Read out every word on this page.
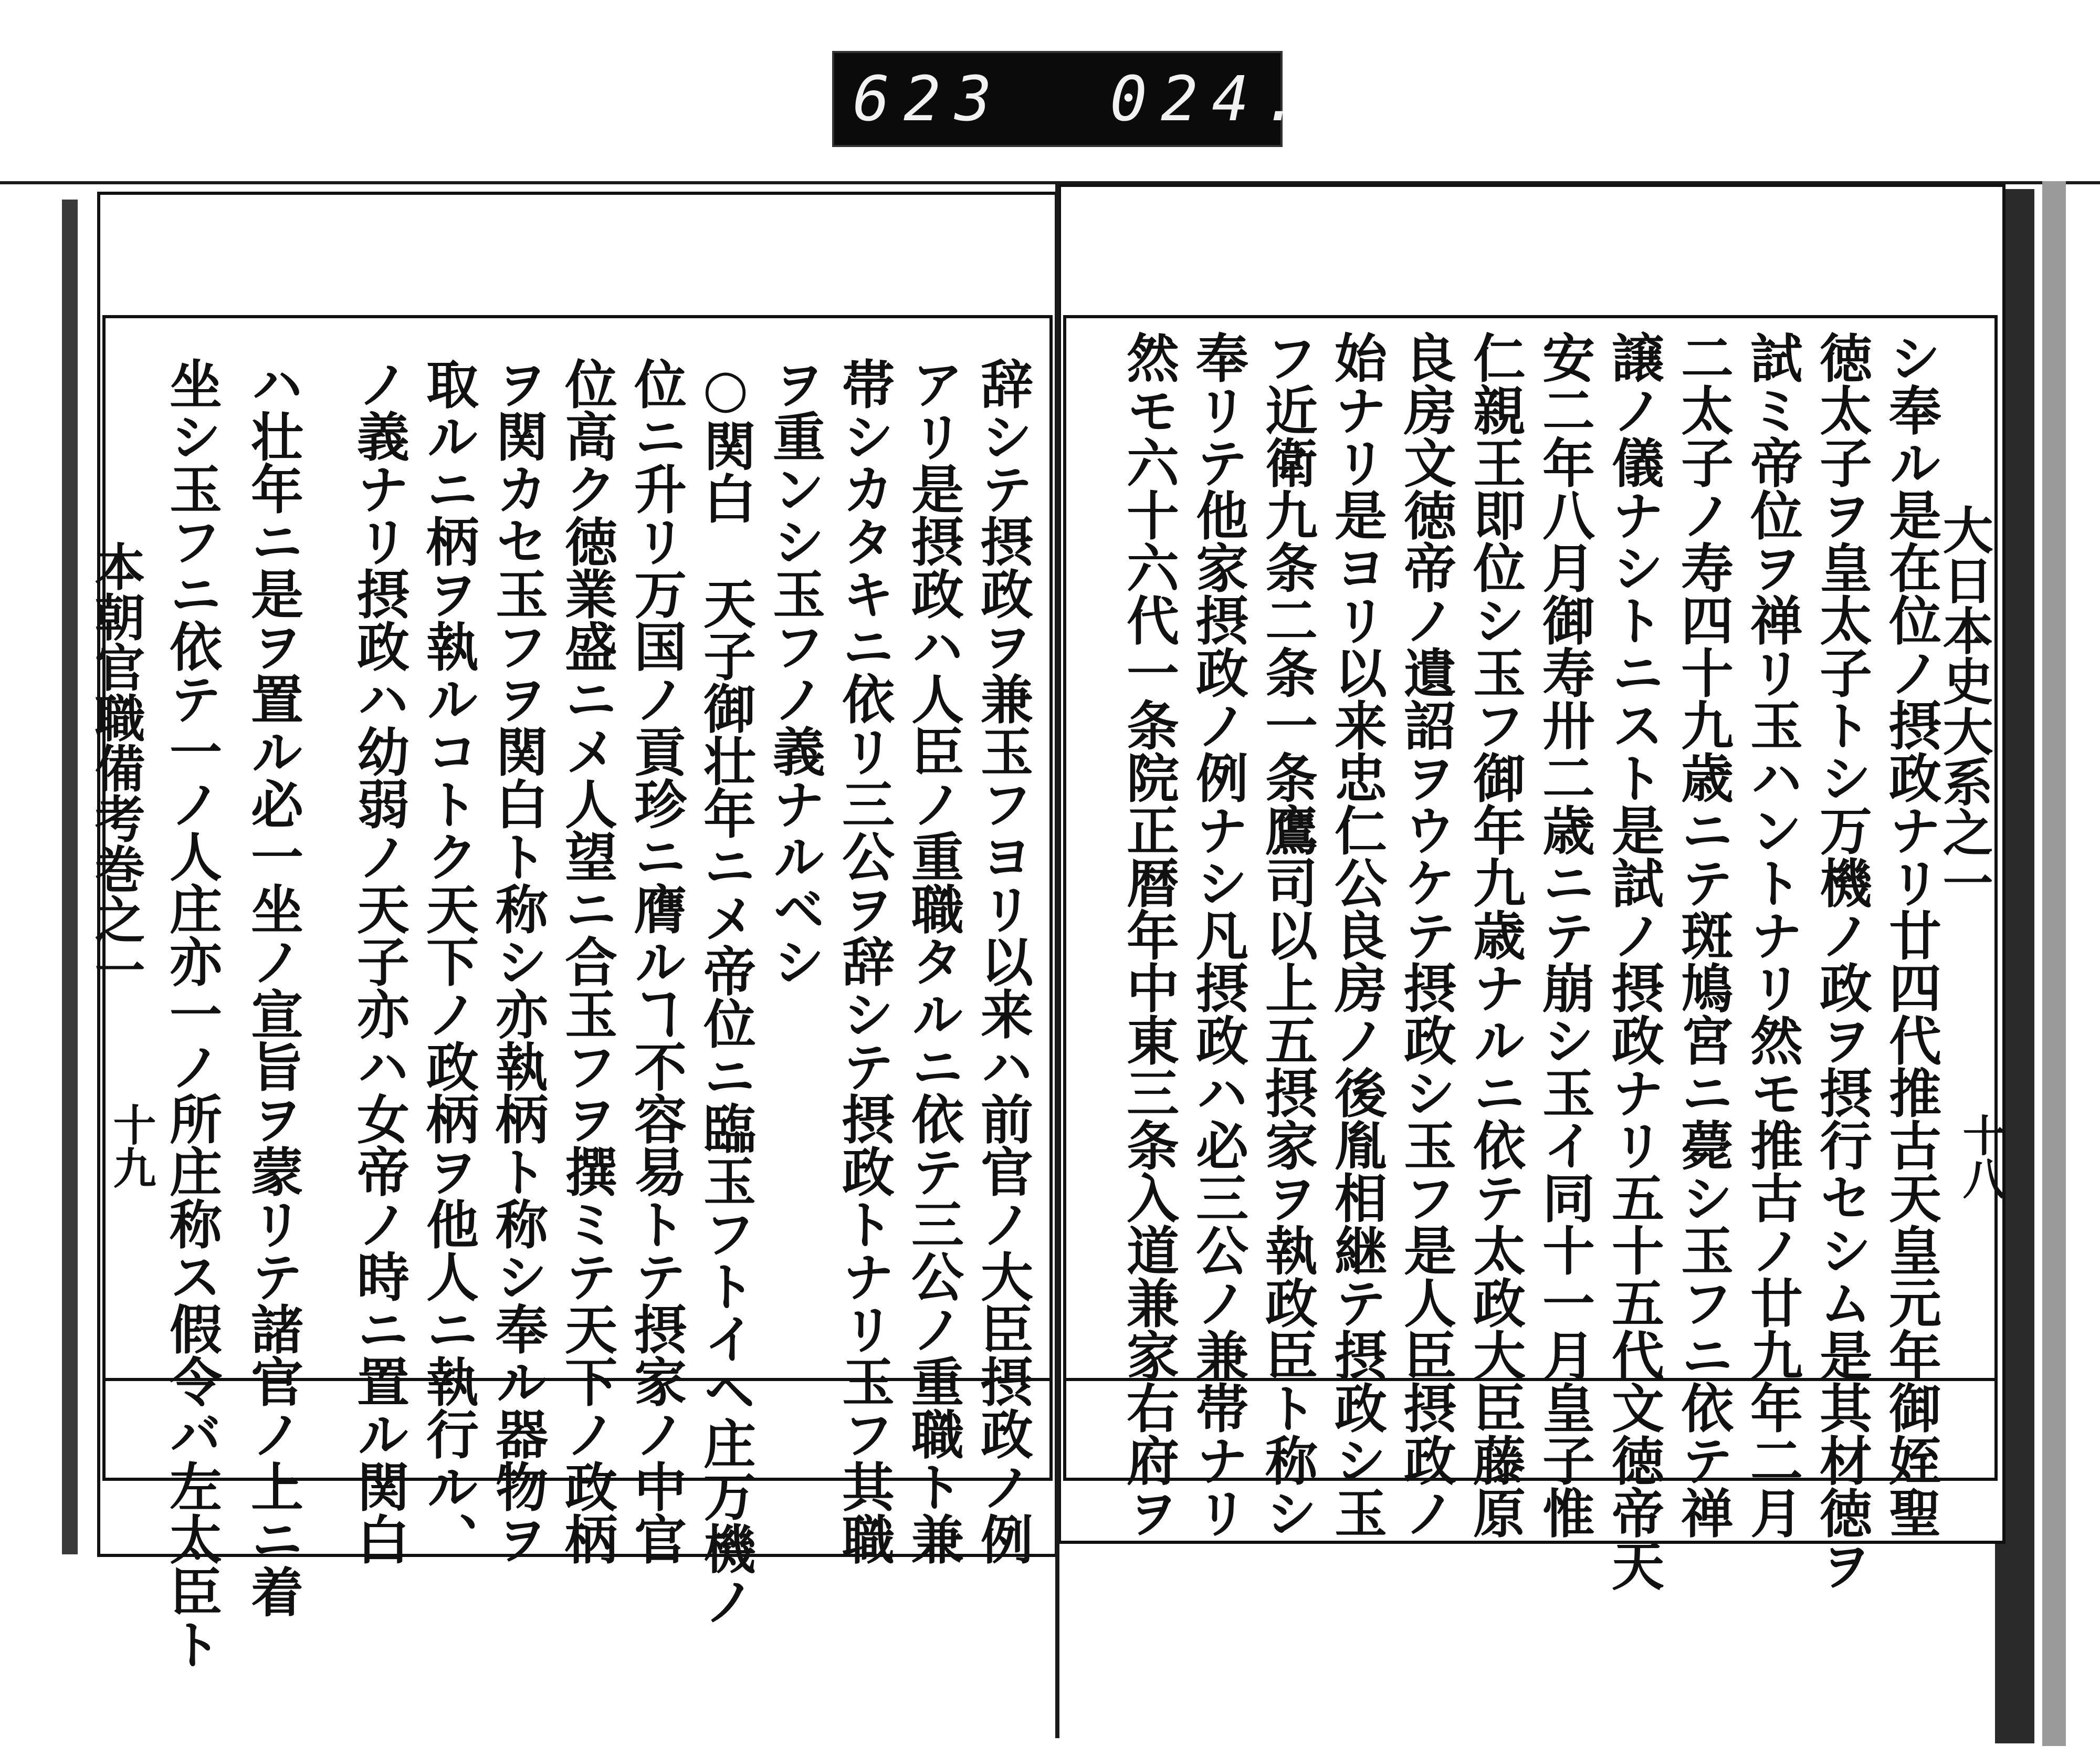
623 024.
大日本史大系之一
十八
シ奉ル是在位ノ摂政ナリ廿四代推古天皇元年御姪聖
徳太子ヲ皇太子トシ万機ノ政ヲ摂行セシム是其材徳ヲ
試ミ帝位ヲ禅リ玉ハントナリ然モ推古ノ廿九年二月
二太子ノ寿四十九歳ニテ斑鳩宮ニ薨シ玉フニ依テ禅
譲ノ儀ナシトニスト是試ノ摂政ナリ五十五代文徳帝天
安二年八月御寿卅二歳ニテ崩シ玉イ同十一月皇子惟
仁親王即位シ玉フ御年九歳ナルニ依テ太政大臣藤原
良房文徳帝ノ遺詔ヲウケテ摂政シ玉フ是人臣摂政ノ
始ナリ是ヨリ以来忠仁公良房ノ後胤相継テ摂政シ玉
フ近衛九条二条一条鷹司以上五摂家ヲ執政臣ト称シ
奉リテ他家摂政ノ例ナシ凡摂政ハ必三公ノ兼帯ナリ
然モ六十六代一条院正暦年中東三条入道兼家右府ヲ
本朝官職備考巻之一
十九	辞シテ摂政ヲ兼玉フヨリ以来ハ前官ノ大臣摂政ノ例
アリ是摂政ハ人臣ノ重職タルニ依テ三公ノ重職ト兼
帯シカタキニ依リ三公ヲ辞シテ摂政トナリ玉フ其職
ヲ重ンシ玉フノ義ナルベシ
○関白　天子御壮年ニメ帝位ニ臨玉フトイヘ庄万機ノ
位ニ升リ万国ノ貢珍ニ膺ルヿ不容易トテ摂家ノ中官
位高ク徳業盛ニメ人望ニ合玉フヲ撰ミテ天下ノ政柄
ヲ関カセ玉フヲ関白ト称シ亦執柄ト称シ奉ル器物ヲ
取ルニ柄ヲ執ルコトク天下ノ政柄ヲ他人ニ執行ル、
ノ義ナリ摂政ハ幼弱ノ天子亦ハ女帝ノ時ニ置ル関白
ハ壮年ニ是ヲ置ル必一坐ノ宣旨ヲ蒙リテ諸官ノ上ニ着
坐シ玉フニ依テ一ノ人庄亦一ノ所庄称ス假令バ左太臣ト
